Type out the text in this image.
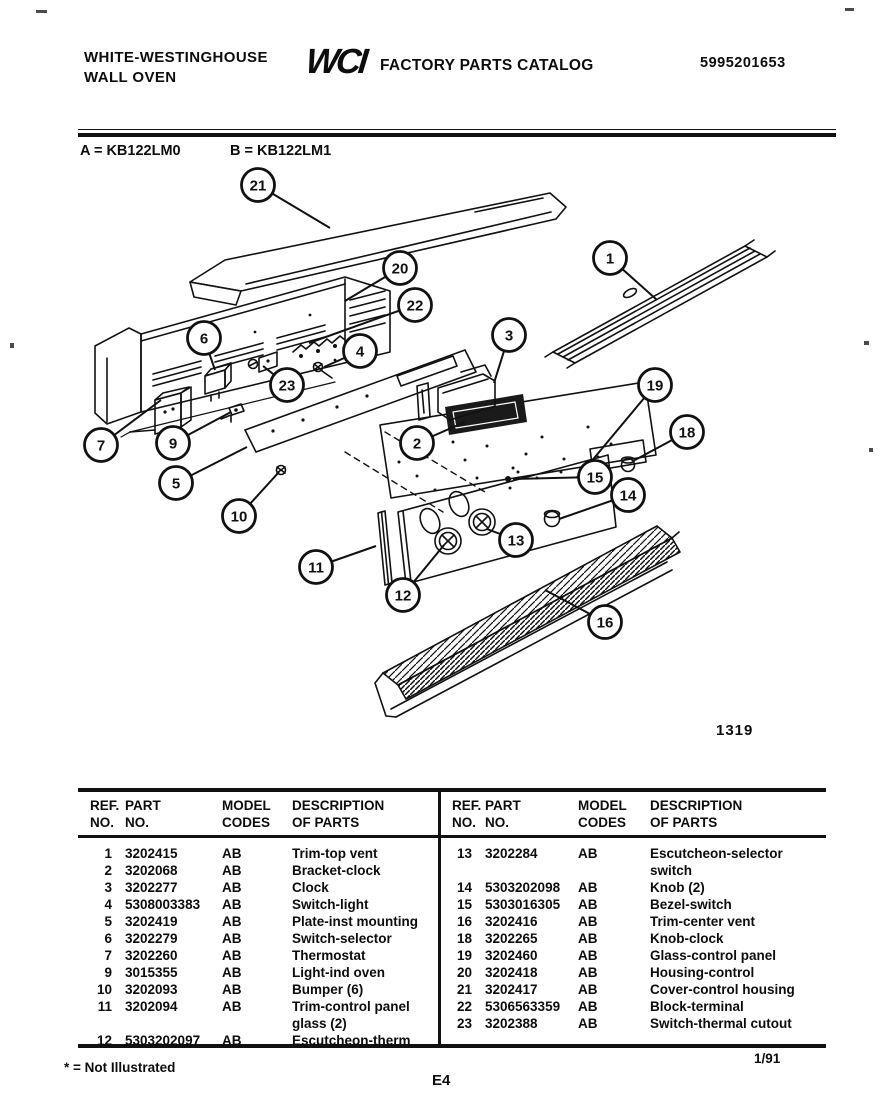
WHITE-WESTINGHOUSE
WALL OVEN	WCI FACTORY PARTS CATALOG	5995201653
A = KB122LM0	B = KB122LM1
21
1
20
22
6
4
23
3
19
18
7	9
5
2
10
11
12
13
15
14
16
1319
REF.
NO.
PART
NO.
MODEL
CODES
DESCRIPTION
OF PARTS
1 3202415	AB	Trim-top vent
2 3202068	AB	Bracket-clock
3 3202277	AB	Clock
4 5308003383	AB	Switch-light
5 3202419	AB	Plate-inst mounting
6 3202279	AB	Switch-selector
7 3202260	AB	Thermostat
9 3015355	AB	Light-ind oven
10 3202093	AB	Bumper (6)
11 3202094	AB	Trim-control panel
glass (2)
12 5303202097	AB	Escutcheon-therm
REF.
NO.
PART
NO.
MODEL
CODES
DESCRIPTION
OF PARTS
13 3202284	AB	Escutcheon-selector
switch
14 5303202098	AB	Knob (2)
15 5303016305	AB	Bezel-switch
16 3202416	AB	Trim-center vent
18 3202265	AB	Knob-clock
19 3202460	AB	Glass-control panel
20 3202418	AB	Housing-control
21 3202417	AB	Cover-control housing
22 5306563359	AB	Block-terminal
23 3202388	AB	Switch-thermal cutout
* = Not Illustrated
E4
1/91
